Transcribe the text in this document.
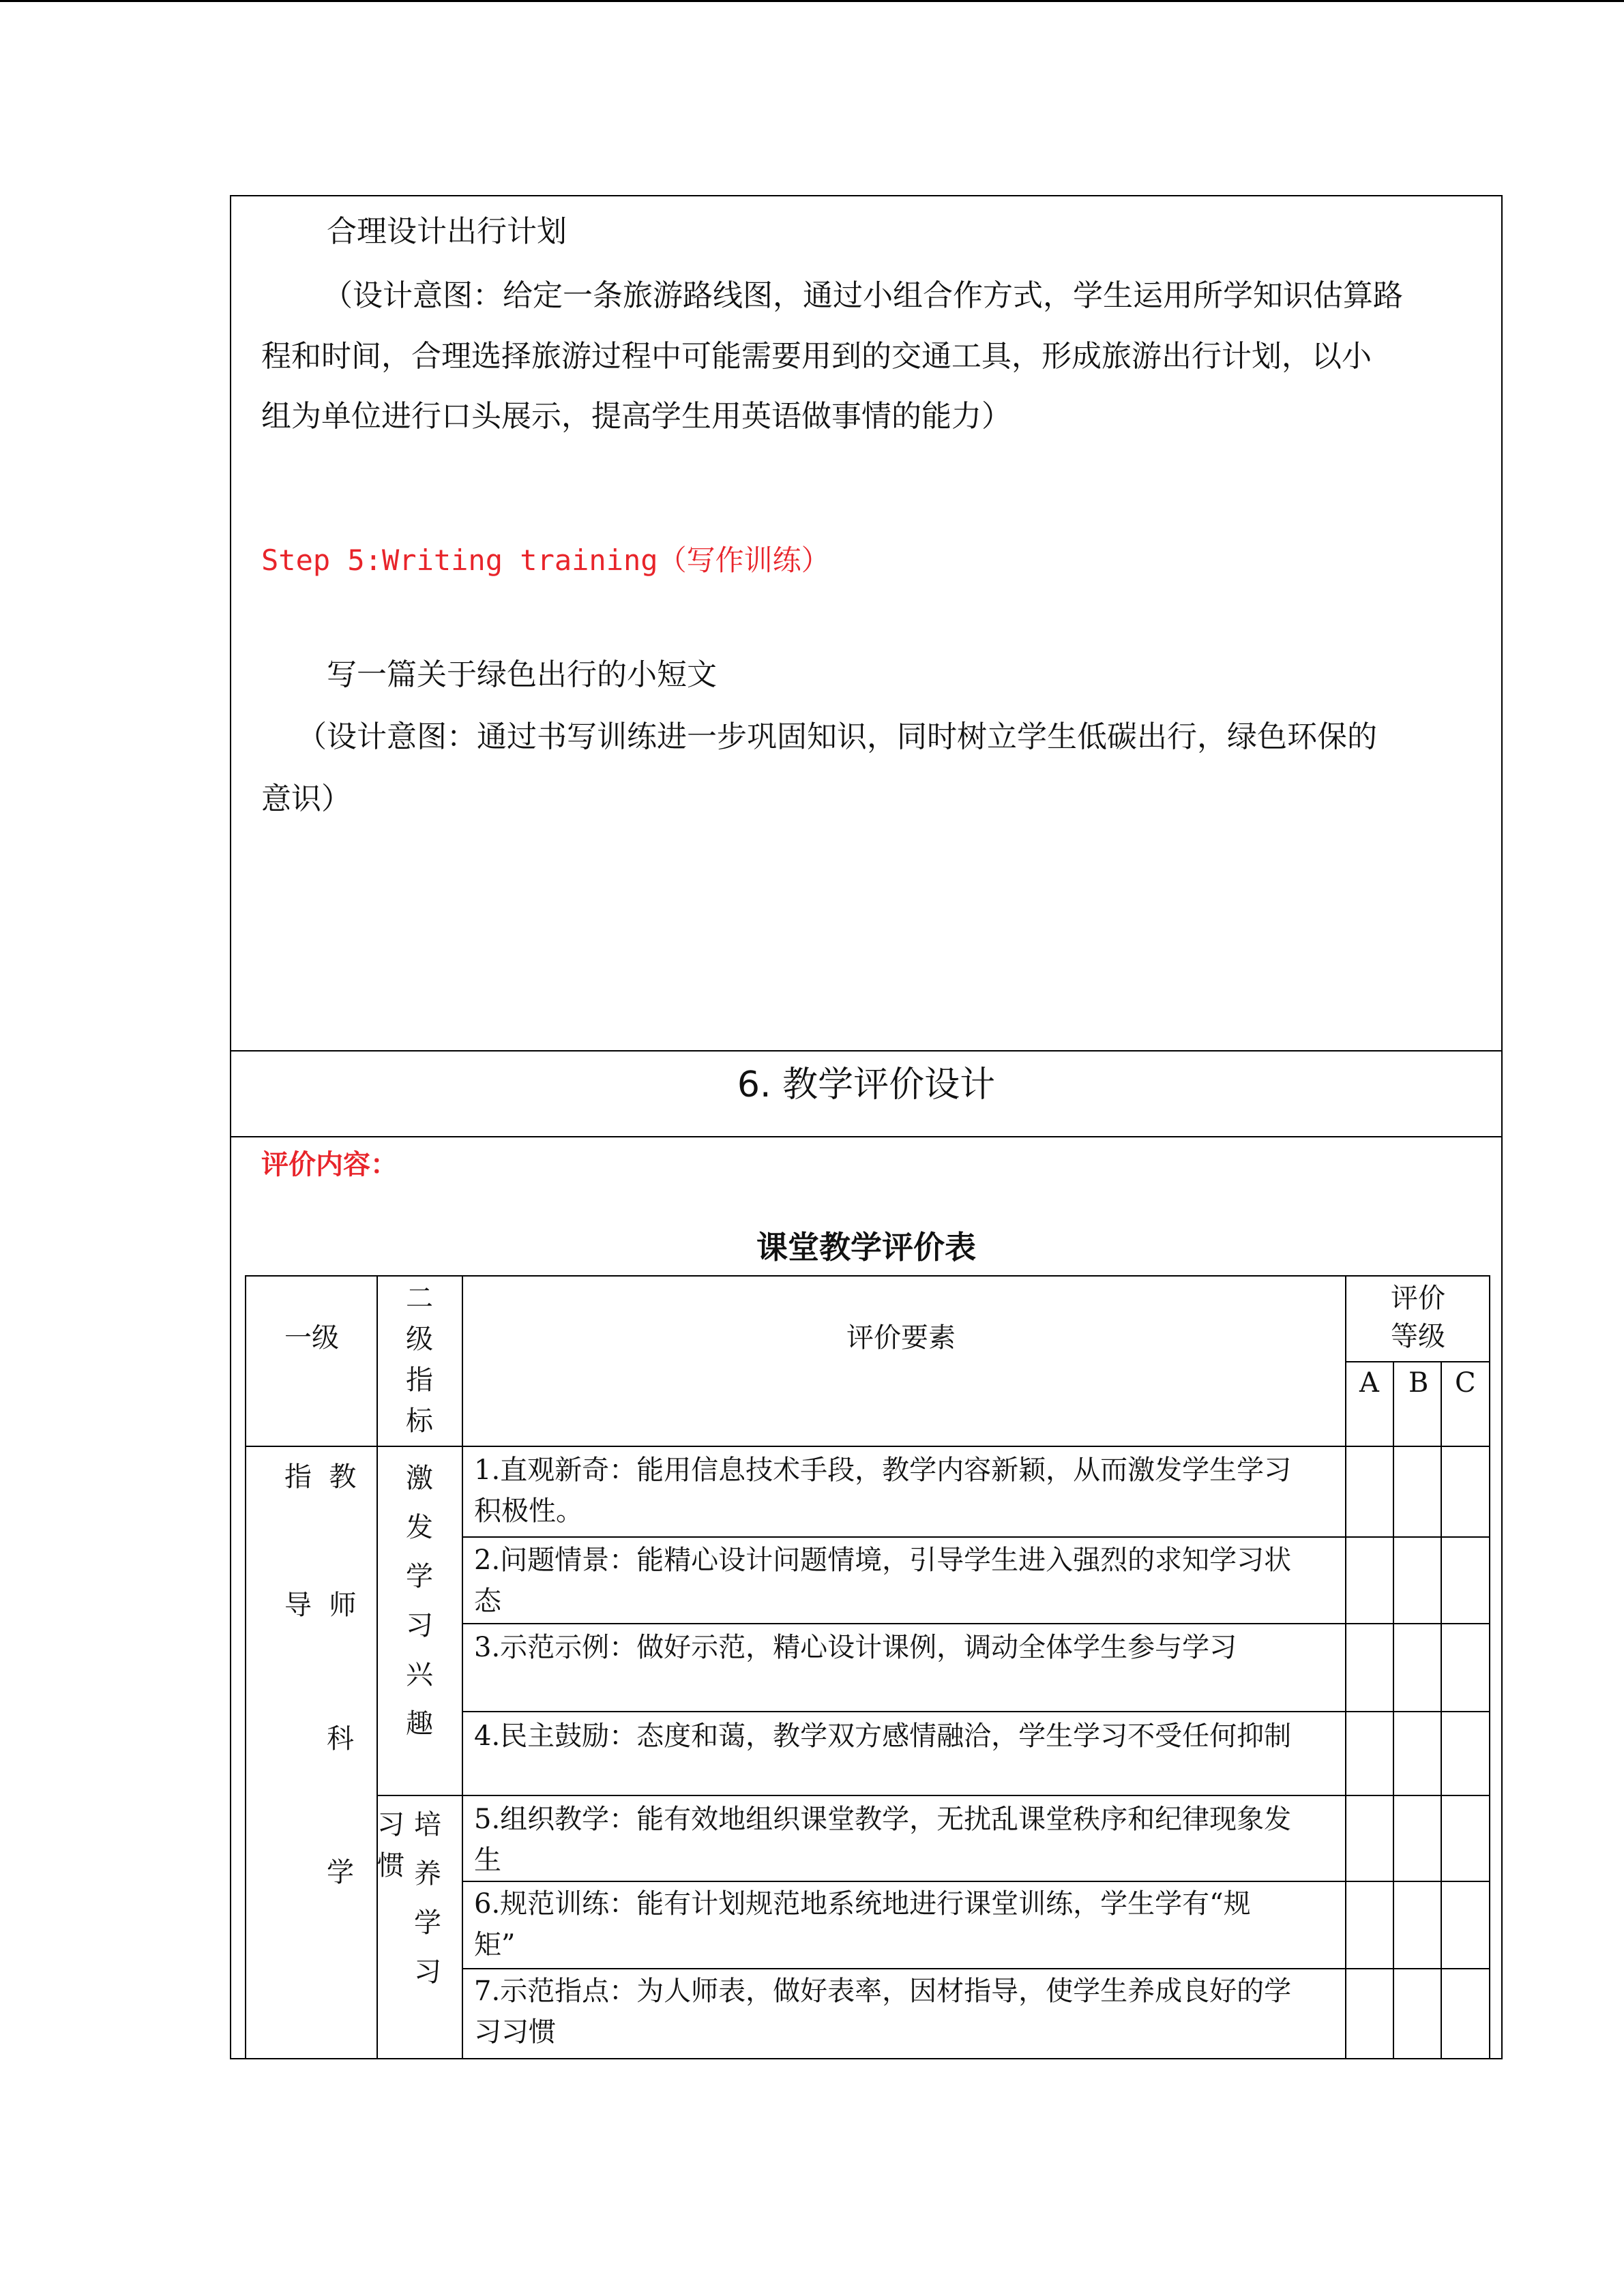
合理设计出行计划
（设计意图：给定一条旅游路线图，通过小组合作方式，学生运用所学知识估算路
程和时间，合理选择旅游过程中可能需要用到的交通工具，形成旅游出行计划，以小
组为单位进行口头展示，提高学生用英语做事情的能力）
Step 5:Writing training（写作训练）
写一篇关于绿色出行的小短文
（设计意图：通过书写训练进一步巩固知识，同时树立学生低碳出行，绿色环保的
意识）
6. 教学评价设计
评价内容：
课堂教学评价表
一级
二
级
指
标
评价要素
评价
等级
A B C
指  教
导  师
科
学
激
发
学
习
兴
趣
习
惯
培
养
学
习
1.直观新奇：能用信息技术手段，教学内容新颖，从而激发学生学习
积极性。
2.问题情景：能精心设计问题情境，引导学生进入强烈的求知学习状
态
3.示范示例：做好示范，精心设计课例，调动全体学生参与学习
4.民主鼓励：态度和蔼，教学双方感情融洽，学生学习不受任何抑制
5.组织教学：能有效地组织课堂教学，无扰乱课堂秩序和纪律现象发
生
6.规范训练：能有计划规范地系统地进行课堂训练，学生学有“规
矩”
7.示范指点：为人师表，做好表率，因材指导，使学生养成良好的学
习习惯
